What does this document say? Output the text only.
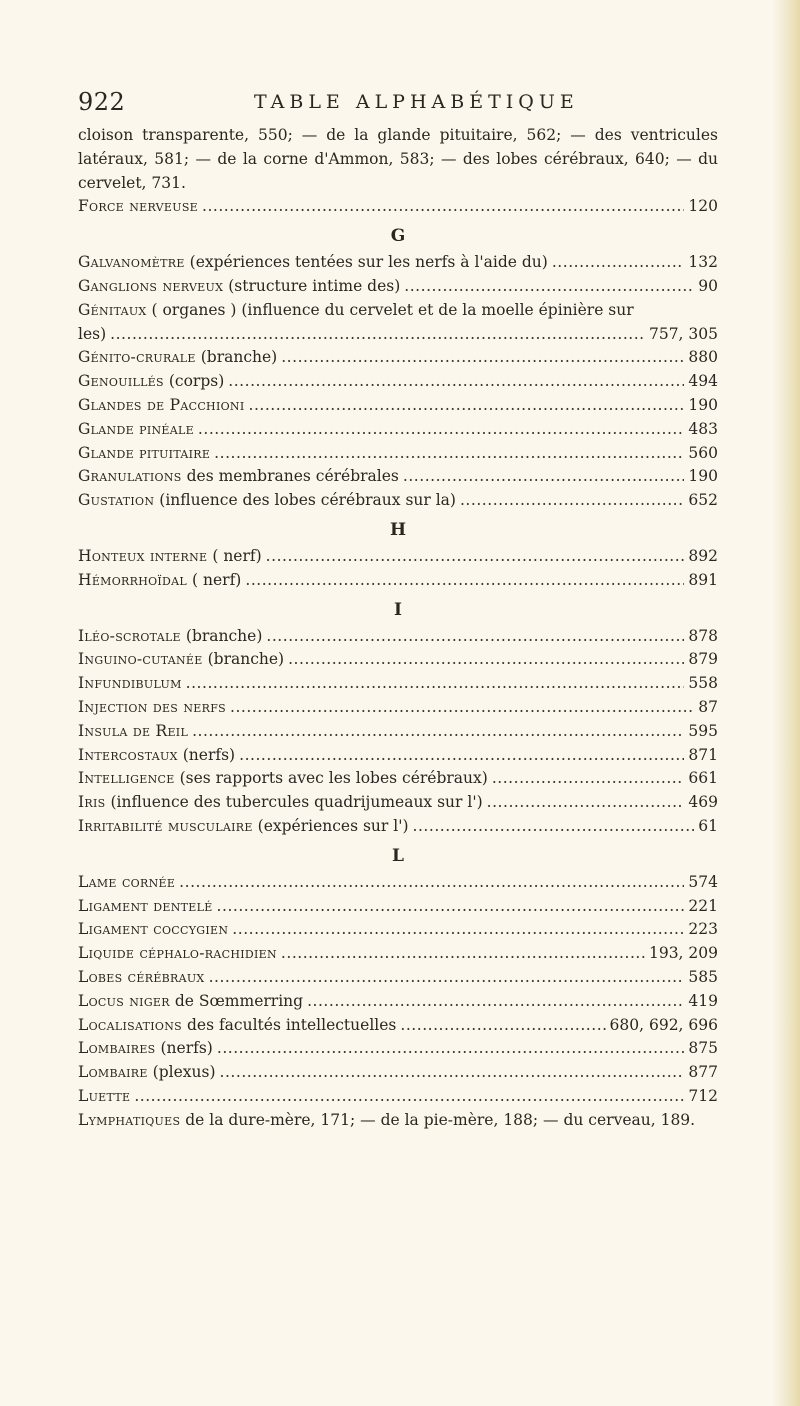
922	TABLE ALPHABÉTIQUE

cloison transparente, 550; — de la glande pituitaire, 562; — des ventricules latéraux, 581; — de la corne d'Ammon, 583; — des lobes cérébraux, 640; — du cervelet, 731.

Force nerveuse . . .	120
G
Galvanomètre (expériences tentées sur les nerfs à l'aide du) . . .	132
Ganglions nerveux (structure intime des) . . .	90
Génitaux ( organes ) (influence du cervelet et de la moelle épinière sur
les) . . .	757, 305
Génito-crurale (branche) . . .	880
Genouillés (corps) . . .	494
Glandes de Pacchioni . . .	190
Glande pinéale . . .	483
Glande pituitaire . . .	560
Granulations des membranes cérébrales . . .	190
Gustation (influence des lobes cérébraux sur la) . . .	652
H
Honteux interne ( nerf) . . .	892
Hémorrhoïdal ( nerf) . . .	891
I
Iléo-scrotale (branche) . . .	878
Inguino-cutanée (branche) . . .	879
Infundibulum . . .	558
Injection des nerfs . . .	87
Insula de Reil . . .	595
Intercostaux (nerfs) . . .	871
Intelligence (ses rapports avec les lobes cérébraux) . . .	661
Iris (influence des tubercules quadrijumeaux sur l') . . .	469
Irritabilité musculaire (expériences sur l') . . .	61
L
Lame cornée . . .	574
Ligament dentelé . . .	221
Ligament coccygien . . .	223
Liquide céphalo-rachidien . . .	193, 209
Lobes cérébraux . . .	585
Locus niger de Sœmmerring . . .	419
Localisations des facultés intellectuelles . . .	680, 692, 696
Lombaires (nerfs) . . .	875
Lombaire (plexus) . . .	877
Luette . . .	712

Lymphatiques de la dure-mère, 171; — de la pie-mère, 188; — du cerveau, 189.
